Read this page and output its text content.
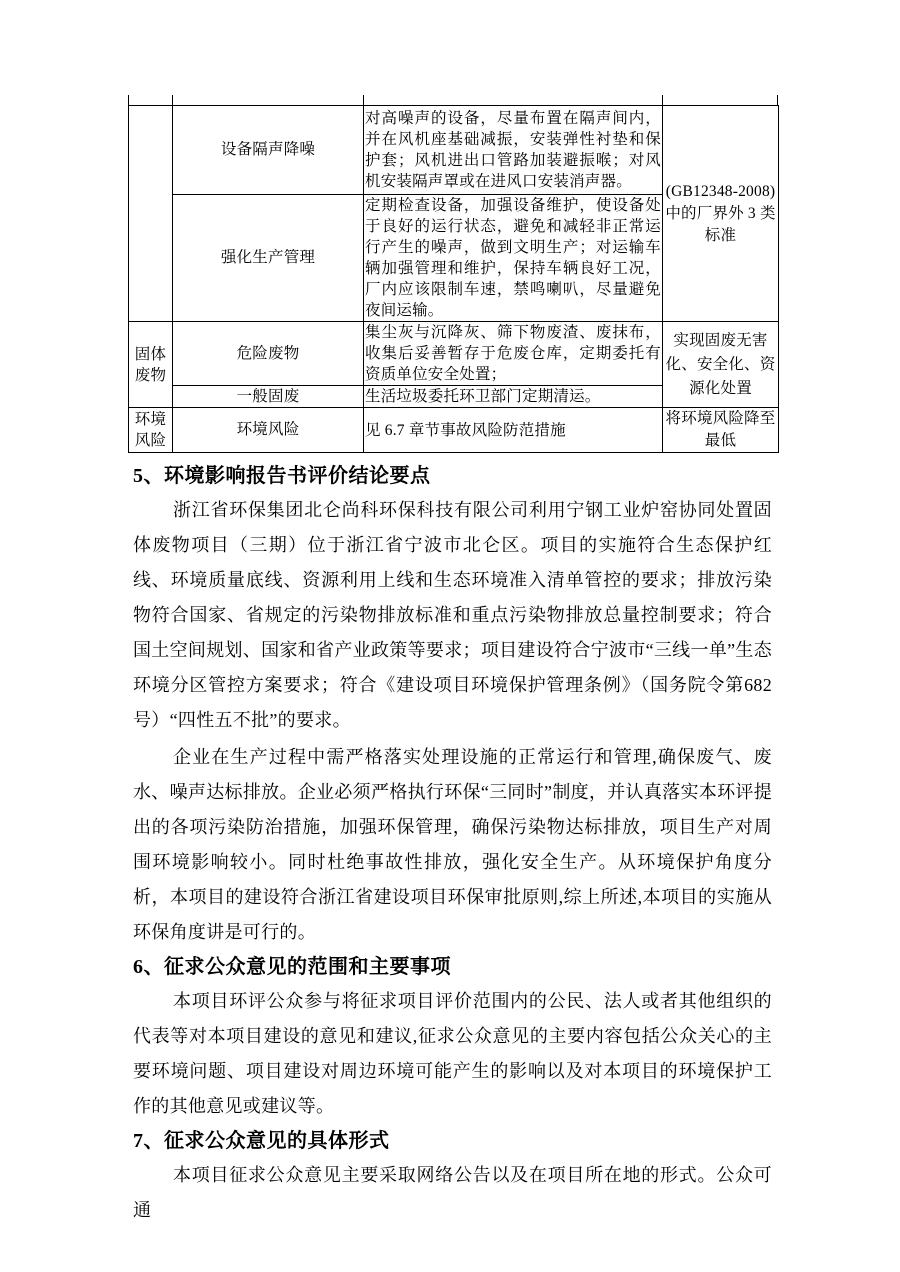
	设备隔声降噪	对高噪声的设备，尽量布置在隔声间内，并在风机座基础减振，安装弹性衬垫和保护套；风机进出口管路加装避振喉；对风机安装隔声罩或在进风口安装消声器。	(GB12348-2008)中的厂界外 3 类标准
	强化生产管理	定期检查设备，加强设备维护，使设备处于良好的运行状态，避免和减轻非正常运行产生的噪声，做到文明生产；对运输车辆加强管理和维护，保持车辆良好工况，厂内应该限制车速，禁鸣喇叭，尽量避免夜间运输。	
固体废物	危险废物	集尘灰与沉降灰、筛下物废渣、废抹布，收集后妥善暂存于危废仓库，定期委托有资质单位安全处置；	实现固废无害化、安全化、资源化处置
	一般固废	生活垃圾委托环卫部门定期清运。	
环境风险	环境风险	见 6.7 章节事故风险防范措施	将环境风险降至最低
5、环境影响报告书评价结论要点

浙江省环保集团北仑尚科环保科技有限公司利用宁钢工业炉窑协同处置固体废物项目（三期）位于浙江省宁波市北仑区。项目的实施符合生态保护红线、环境质量底线、资源利用上线和生态环境准入清单管控的要求；排放污染物符合国家、省规定的污染物排放标准和重点污染物排放总量控制要求；符合国土空间规划、国家和省产业政策等要求；项目建设符合宁波市“三线一单”生态环境分区管控方案要求；符合《建设项目环境保护管理条例》（国务院令第682号）“四性五不批”的要求。

企业在生产过程中需严格落实处理设施的正常运行和管理,确保废气、废水、噪声达标排放。企业必须严格执行环保“三同时”制度，并认真落实本环评提出的各项污染防治措施，加强环保管理，确保污染物达标排放，项目生产对周围环境影响较小。同时杜绝事故性排放，强化安全生产。从环境保护角度分析，本项目的建设符合浙江省建设项目环保审批原则,综上所述,本项目的实施从环保角度讲是可行的。

6、征求公众意见的范围和主要事项

本项目环评公众参与将征求项目评价范围内的公民、法人或者其他组织的代表等对本项目建设的意见和建议,征求公众意见的主要内容包括公众关心的主要环境问题、项目建设对周边环境可能产生的影响以及对本项目的环境保护工作的其他意见或建议等。

7、征求公众意见的具体形式

本项目征求公众意见主要采取网络公告以及在项目所在地的形式。公众可通
